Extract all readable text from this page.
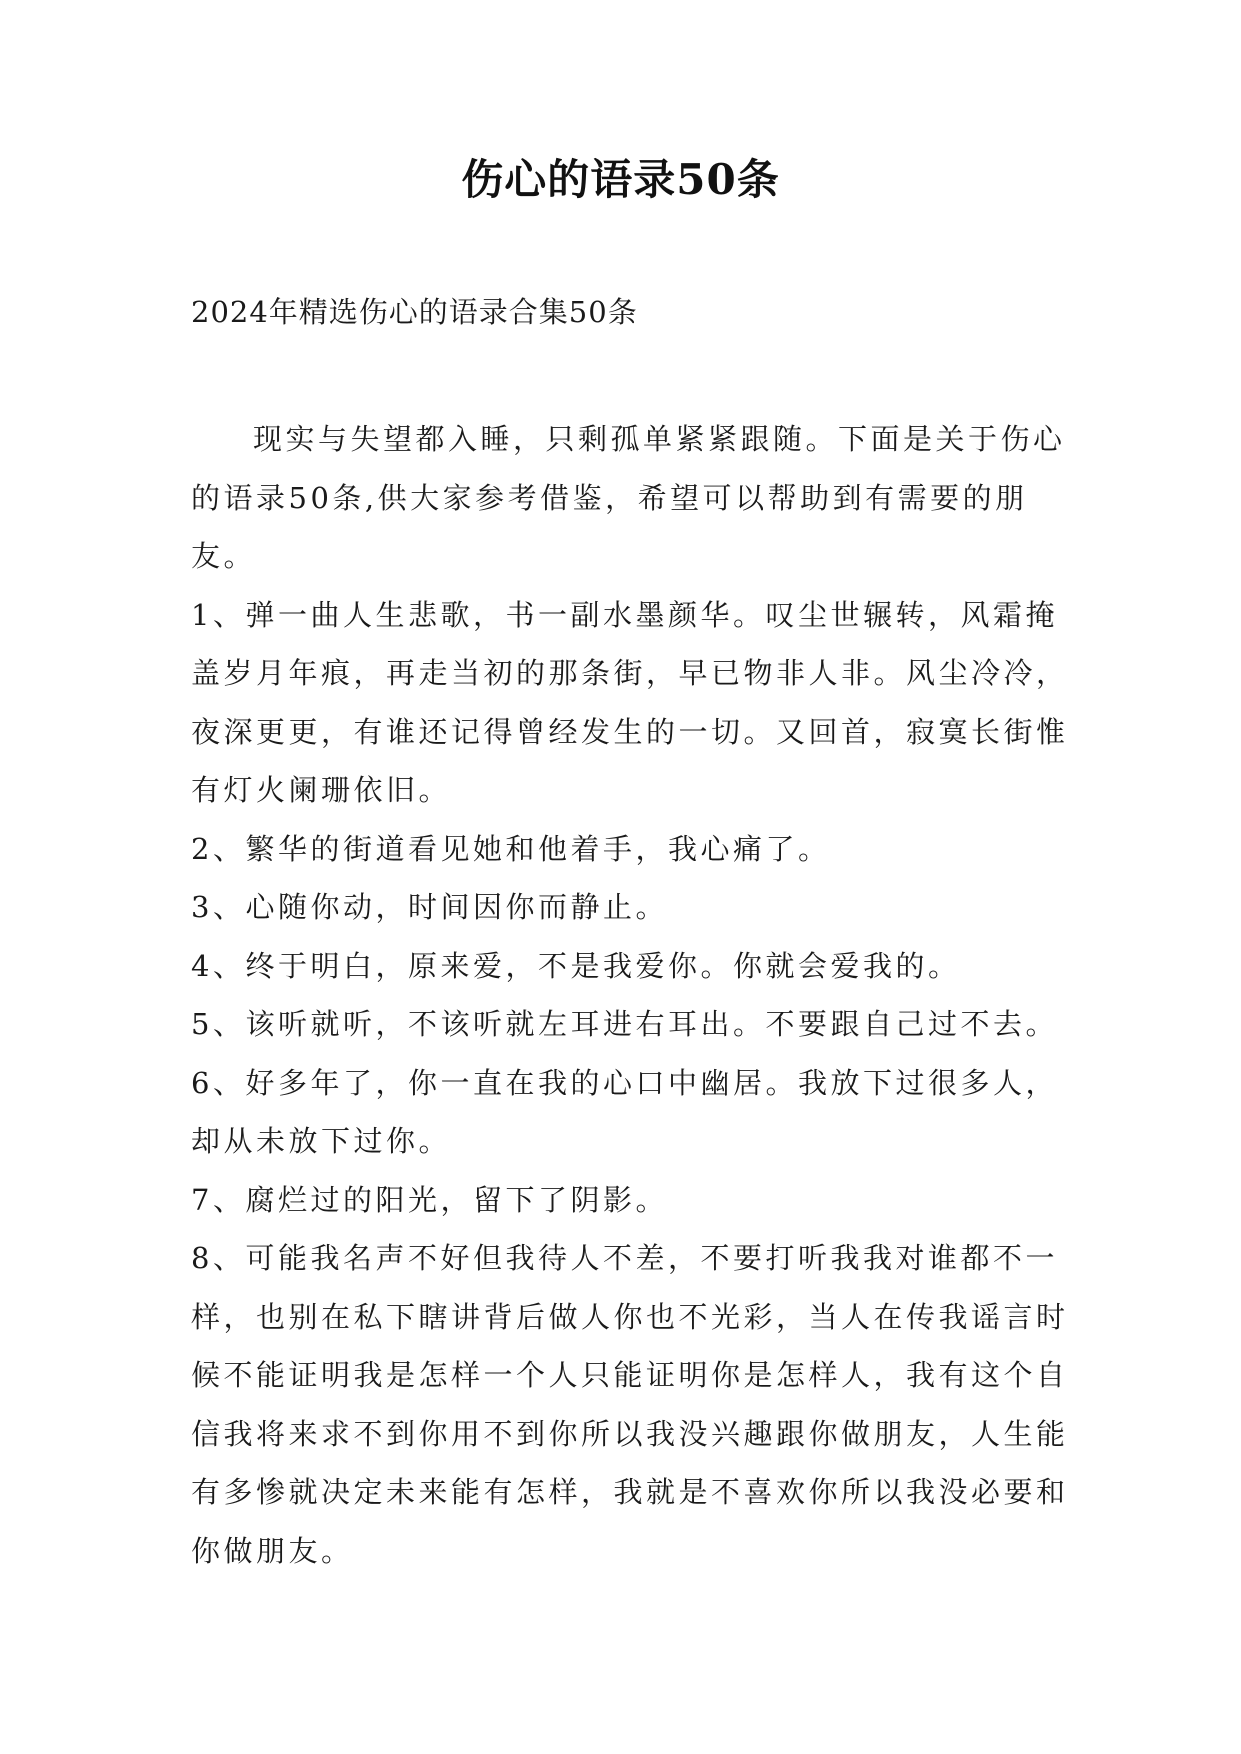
伤心的语录50条
2024年精选伤心的语录合集50条

现实与失望都入睡，只剩孤单紧紧跟随。下面是关于伤心的语录50条,供大家参考借鉴，希望可以帮助到有需要的朋友。

1、弹一曲人生悲歌，书一副水墨颜华。叹尘世辗转，风霜掩盖岁月年痕，再走当初的那条街，早已物非人非。风尘冷冷，夜深更更，有谁还记得曾经发生的一切。又回首，寂寞长街惟有灯火阑珊依旧。

2、繁华的街道看见她和他着手，我心痛了。

3、心随你动，时间因你而静止。

4、终于明白，原来爱，不是我爱你。你就会爱我的。

5、该听就听，不该听就左耳进右耳出。不要跟自己过不去。

6、好多年了，你一直在我的心口中幽居。我放下过很多人，却从未放下过你。

7、腐烂过的阳光，留下了阴影。

8、可能我名声不好但我待人不差，不要打听我我对谁都不一样，也别在私下瞎讲背后做人你也不光彩，当人在传我谣言时候不能证明我是怎样一个人只能证明你是怎样人，我有这个自信我将来求不到你用不到你所以我没兴趣跟你做朋友，人生能有多惨就决定未来能有怎样，我就是不喜欢你所以我没必要和你做朋友。
